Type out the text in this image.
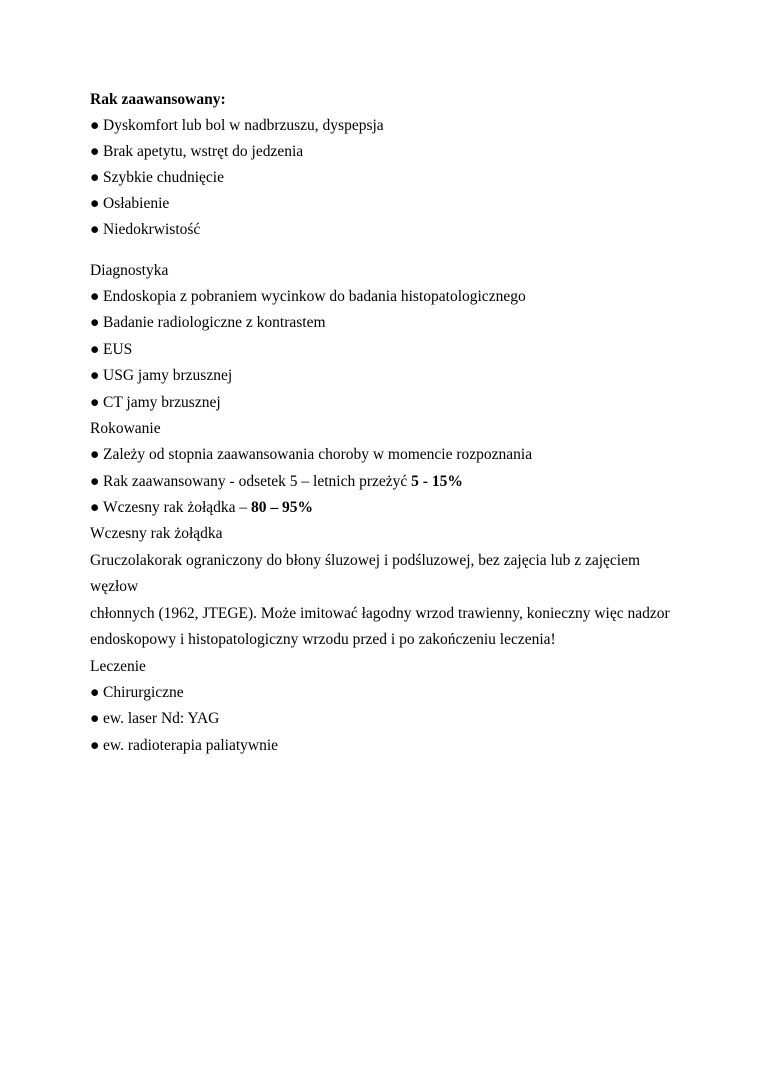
Rak zaawansowany:
● Dyskomfort lub bol w nadbrzuszu, dyspepsja
● Brak apetytu, wstręt do jedzenia
● Szybkie chudnięcie
● Osłabienie
● Niedokrwistość
Diagnostyka
● Endoskopia z pobraniem wycinkow do badania histopatologicznego
● Badanie radiologiczne z kontrastem
● EUS
● USG jamy brzusznej
● CT jamy brzusznej
Rokowanie
● Zależy od stopnia zaawansowania choroby w momencie rozpoznania
● Rak zaawansowany - odsetek 5 – letnich przeżyć 5 - 15%
● Wczesny rak żołądka – 80 – 95%
Wczesny rak żołądka
Gruczolakorak ograniczony do błony śluzowej i podśluzowej, bez zajęcia lub z zajęciem
węzłow
chłonnych (1962, JTEGE). Może imitować łagodny wrzod trawienny, konieczny więc nadzor
endoskopowy i histopatologiczny wrzodu przed i po zakończeniu leczenia!
Leczenie
● Chirurgiczne
● ew. laser Nd: YAG
● ew. radioterapia paliatywnie
